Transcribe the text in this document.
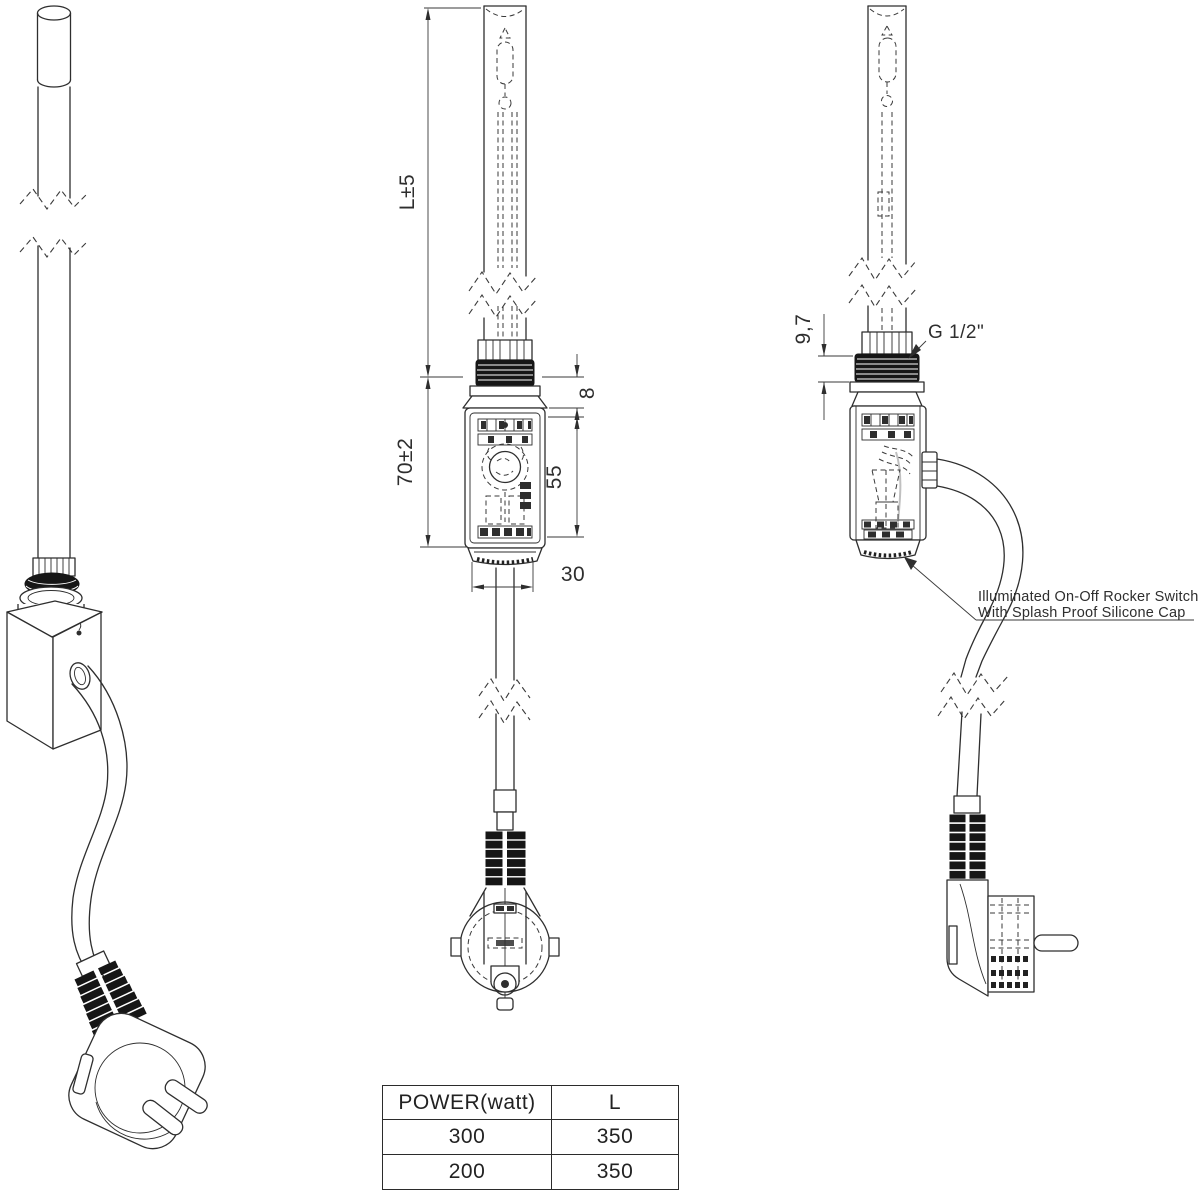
L±5
70±2
8
55
30
9,7	G 1/2"
Illuminated On-Off Rocker Switch
With Splash Proof Silicone Cap
POWER(watt)	L
300	350
200	350
